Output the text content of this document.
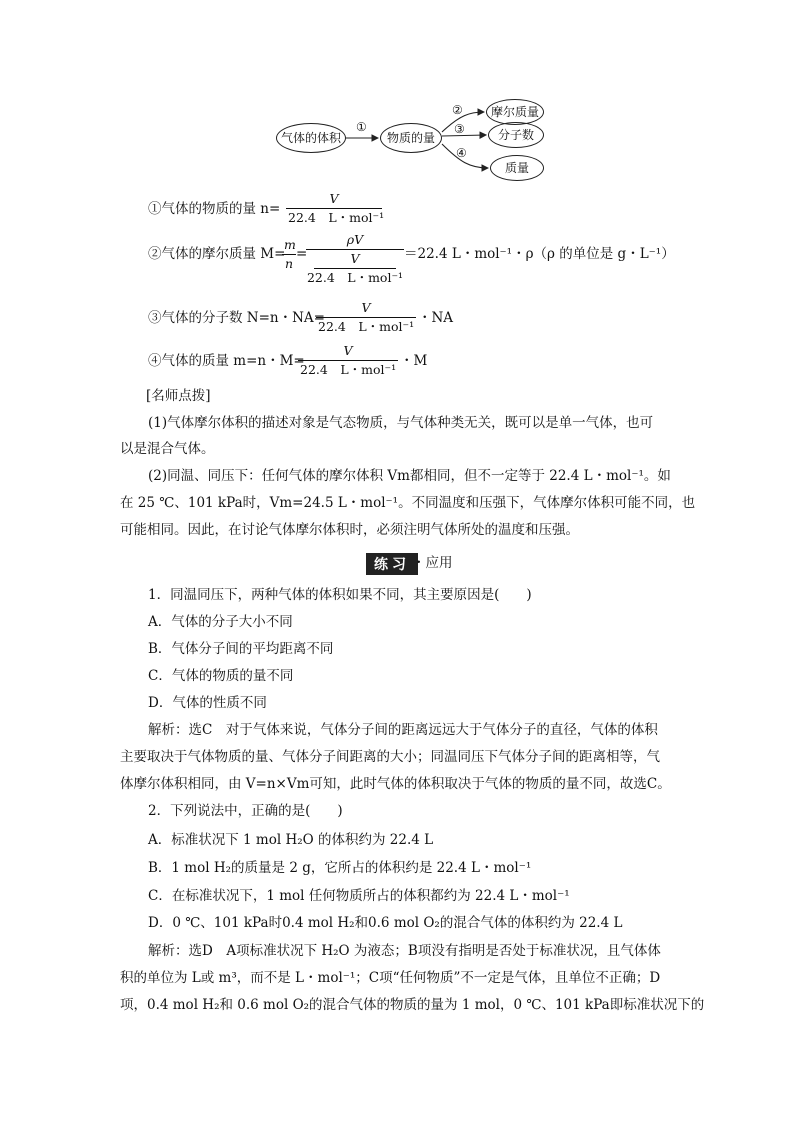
气体的体积	物质的量
摩尔质量
分子数
质量
①
②
③
④
①气体的物质的量 n=
V
22.4　L・mol⁻¹
②气体的摩尔质量 M=
$\frac{m}{n}$ =
ρV
V
22.4　L・mol⁻¹
＝22.4 L・mol⁻¹・ρ（ρ 的单位是 g・L⁻¹）
③气体的分子数 N=n・NA=
V
22.4　L・mol⁻¹
・NA
④气体的质量 m=n・M=
V
22.4　L・mol⁻¹
・M
[名师点拨]
(1)气体摩尔体积的描述对象是气态物质，与气体种类无关，既可以是单一气体，也可
以是混合气体。
(2)同温、同压下：任何气体的摩尔体积 Vm都相同，但不一定等于 22.4 L・mol⁻¹。如
在 25 ℃、101 kPa时，Vm=24.5 L・mol⁻¹。不同温度和压强下，气体摩尔体积可能不同，也
可能相同。因此，在讨论气体摩尔体积时，必须注明气体所处的温度和压强。
练习 ・应用
1．同温同压下，两种气体的体积如果不同，其主要原因是(　　)
A．气体的分子大小不同
B．气体分子间的平均距离不同
C．气体的物质的量不同
D．气体的性质不同
解析：选C　对于气体来说，气体分子间的距离远远大于气体分子的直径，气体的体积
主要取决于气体物质的量、气体分子间距离的大小；同温同压下气体分子间的距离相等，气
体摩尔体积相同，由 V=n×Vm可知，此时气体的体积取决于气体的物质的量不同，故选C。
2．下列说法中，正确的是(　　)
A．标准状况下 1 mol H₂O 的体积约为 22.4 L
B．1 mol H₂的质量是 2 g，它所占的体积约是 22.4 L・mol⁻¹
C．在标准状况下，1 mol 任何物质所占的体积都约为 22.4 L・mol⁻¹
D．0 ℃、101 kPa时0.4 mol H₂和0.6 mol O₂的混合气体的体积约为 22.4 L
解析：选D　A项标准状况下 H₂O 为液态；B项没有指明是否处于标准状况，且气体体
积的单位为 L或 m³，而不是 L・mol⁻¹；C项“任何物质”不一定是气体，且单位不正确；D
项，0.4 mol H₂和 0.6 mol O₂的混合气体的物质的量为 1 mol，0 ℃、101 kPa即标准状况下的
